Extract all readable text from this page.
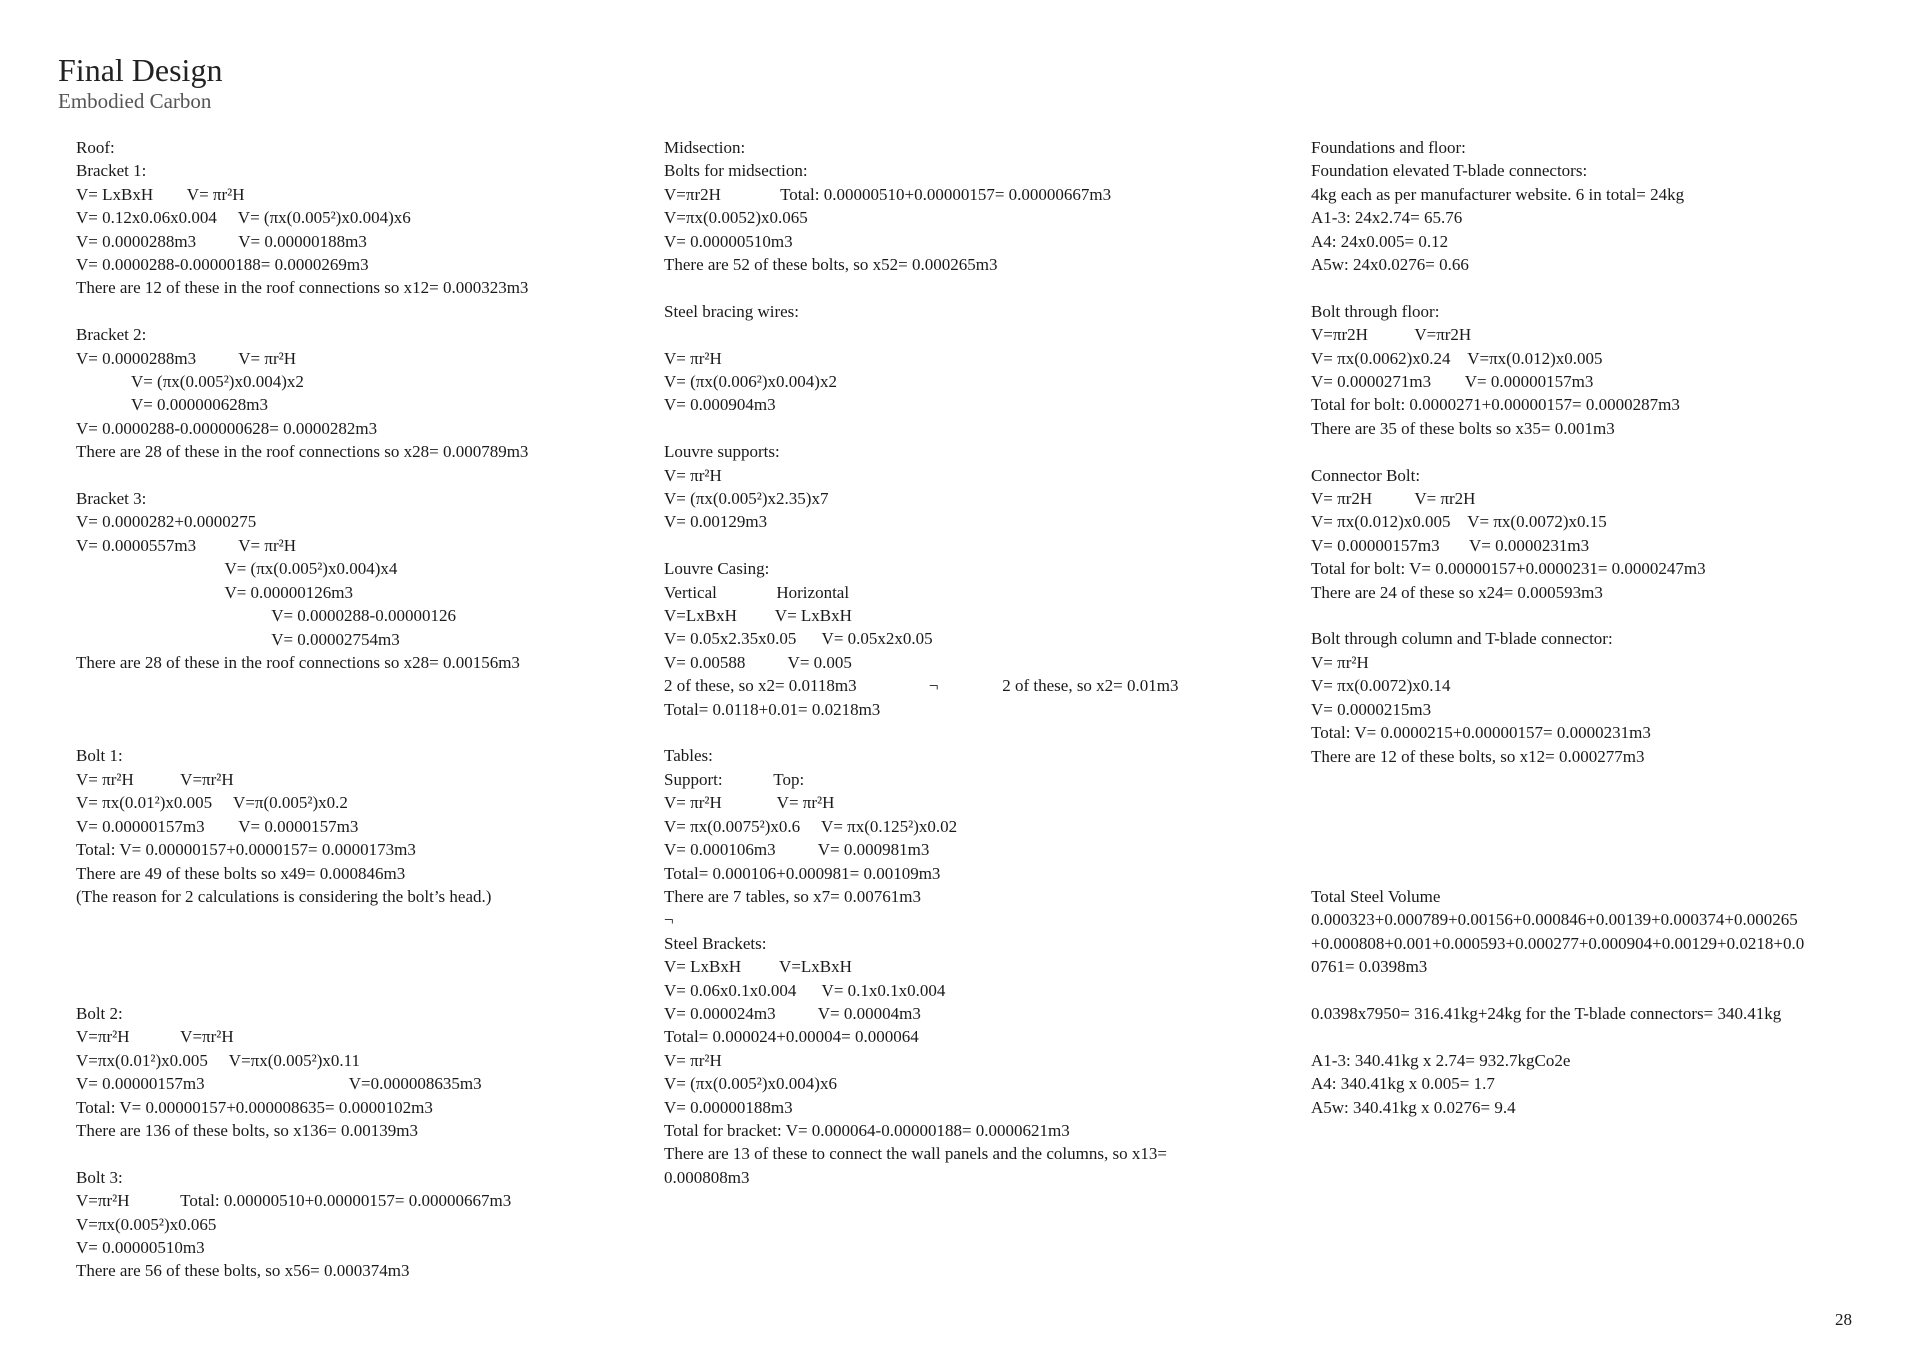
Final Design
Embodied Carbon
Roof:
Bracket 1:
V= LxBxH        V= πr²H
V= 0.12x0.06x0.004     V= (πx(0.005²)x0.004)x6
V= 0.0000288m3          V= 0.00000188m3
V= 0.0000288-0.00000188= 0.0000269m3
There are 12 of these in the roof connections so x12= 0.000323m3
Bracket 2:
V= 0.0000288m3          V= πr²H
V= (πx(0.005²)x0.004)x2
V= 0.000000628m3
V= 0.0000288-0.000000628= 0.0000282m3
There are 28 of these in the roof connections so x28= 0.000789m3
Bracket 3:
V= 0.0000282+0.0000275
V= 0.0000557m3          V= πr²H
V= (πx(0.005²)x0.004)x4
V= 0.00000126m3
V= 0.0000288-0.00000126
V= 0.00002754m3
There are 28 of these in the roof connections so x28= 0.00156m3
Bolt 1:
V= πr²H           V=πr²H
V= πx(0.01²)x0.005     V=π(0.005²)x0.2
V= 0.00000157m3        V= 0.0000157m3
Total: V= 0.00000157+0.0000157= 0.0000173m3
There are 49 of these bolts so x49= 0.000846m3
(The reason for 2 calculations is considering the bolt’s head.)
Bolt 2:
V=πr²H            V=πr²H
V=πx(0.01²)x0.005     V=πx(0.005²)x0.11
V= 0.00000157m3                                  V=0.000008635m3
Total: V= 0.00000157+0.000008635= 0.0000102m3
There are 136 of these bolts, so x136= 0.00139m3
Bolt 3:
V=πr²H            Total: 0.00000510+0.00000157= 0.00000667m3
V=πx(0.005²)x0.065
V= 0.00000510m3
There are 56 of these bolts, so x56= 0.000374m3
Midsection:
Bolts for midsection:
V=πr2H              Total: 0.00000510+0.00000157= 0.00000667m3
V=πx(0.0052)x0.065
V= 0.00000510m3
There are 52 of these bolts, so x52= 0.000265m3
Steel bracing wires:
V= πr²H
V= (πx(0.006²)x0.004)x2
V= 0.000904m3
Louvre supports:
V= πr²H
V= (πx(0.005²)x2.35)x7
V= 0.00129m3
Louvre Casing:
Vertical              Horizontal
V=LxBxH         V= LxBxH
V= 0.05x2.35x0.05      V= 0.05x2x0.05
V= 0.00588          V= 0.005
2 of these, so x2= 0.0118m3                 ¬               2 of these, so x2= 0.01m3
Total= 0.0118+0.01= 0.0218m3
Tables:
Support:            Top:
V= πr²H             V= πr²H
V= πx(0.0075²)x0.6     V= πx(0.125²)x0.02
V= 0.000106m3          V= 0.000981m3
Total= 0.000106+0.000981= 0.00109m3
There are 7 tables, so x7= 0.00761m3
¬
Steel Brackets:
V= LxBxH         V=LxBxH
V= 0.06x0.1x0.004      V= 0.1x0.1x0.004
V= 0.000024m3          V= 0.00004m3
Total= 0.000024+0.00004= 0.000064
V= πr²H
V= (πx(0.005²)x0.004)x6
V= 0.00000188m3
Total for bracket: V= 0.000064-0.00000188= 0.0000621m3
There are 13 of these to connect the wall panels and the columns, so x13=
0.000808m3
Foundations and floor:
Foundation elevated T-blade connectors:
4kg each as per manufacturer website. 6 in total= 24kg
A1-3: 24x2.74= 65.76
A4: 24x0.005= 0.12
A5w: 24x0.0276= 0.66
Bolt through floor:
V=πr2H           V=πr2H
V= πx(0.0062)x0.24    V=πx(0.012)x0.005
V= 0.0000271m3        V= 0.00000157m3
Total for bolt: 0.0000271+0.00000157= 0.0000287m3
There are 35 of these bolts so x35= 0.001m3
Connector Bolt:
V= πr2H          V= πr2H
V= πx(0.012)x0.005    V= πx(0.0072)x0.15
V= 0.00000157m3       V= 0.0000231m3
Total for bolt: V= 0.00000157+0.0000231= 0.0000247m3
There are 24 of these so x24= 0.000593m3
Bolt through column and T-blade connector:
V= πr²H
V= πx(0.0072)x0.14
V= 0.0000215m3
Total: V= 0.0000215+0.00000157= 0.0000231m3
There are 12 of these bolts, so x12= 0.000277m3
Total Steel Volume
0.000323+0.000789+0.00156+0.000846+0.00139+0.000374+0.000265
+0.000808+0.001+0.000593+0.000277+0.000904+0.00129+0.0218+0.0
0761= 0.0398m3
0.0398x7950= 316.41kg+24kg for the T-blade connectors= 340.41kg
A1-3: 340.41kg x 2.74= 932.7kgCo2e
A4: 340.41kg x 0.005= 1.7
A5w: 340.41kg x 0.0276= 9.4
28
